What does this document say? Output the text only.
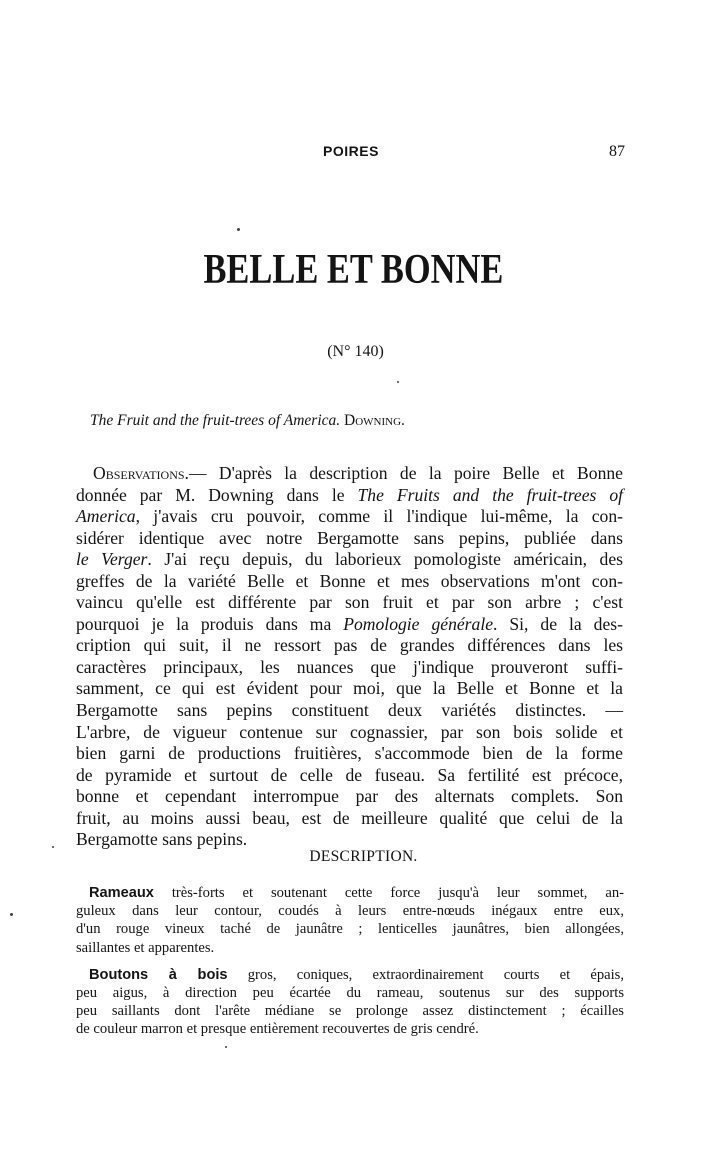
POIRES	87
BELLE ET BONNE
(N° 140)
The Fruit and the fruit-trees of America. Downing.
Observations.— D'après la description de la poire Belle et Bonne
donnée par M. Downing dans le The Fruits and the fruit-trees of
America, j'avais cru pouvoir, comme il l'indique lui-même, la con-
sidérer identique avec notre Bergamotte sans pepins, publiée dans
le Verger. J'ai reçu depuis, du laborieux pomologiste américain, des
greffes de la variété Belle et Bonne et mes observations m'ont con-
vaincu qu'elle est différente par son fruit et par son arbre ; c'est
pourquoi je la produis dans ma Pomologie générale. Si, de la des-
cription qui suit, il ne ressort pas de grandes différences dans les
caractères principaux, les nuances que j'indique prouveront suffi-
samment, ce qui est évident pour moi, que la Belle et Bonne et la
Bergamotte sans pepins constituent deux variétés distinctes. —
L'arbre, de vigueur contenue sur cognassier, par son bois solide et
bien garni de productions fruitières, s'accommode bien de la forme
de pyramide et surtout de celle de fuseau. Sa fertilité est précoce,
bonne et cependant interrompue par des alternats complets. Son
fruit, au moins aussi beau, est de meilleure qualité que celui de la
Bergamotte sans pepins.
DESCRIPTION.
Rameaux très-forts et soutenant cette force jusqu'à leur sommet, an-
guleux dans leur contour, coudés à leurs entre-nœuds inégaux entre eux,
d'un rouge vineux taché de jaunâtre ; lenticelles jaunâtres, bien allongées,
saillantes et apparentes.
Boutons à bois gros, coniques, extraordinairement courts et épais,
peu aigus, à direction peu écartée du rameau, soutenus sur des supports
peu saillants dont l'arête médiane se prolonge assez distinctement ; écailles
de couleur marron et presque entièrement recouvertes de gris cendré.
